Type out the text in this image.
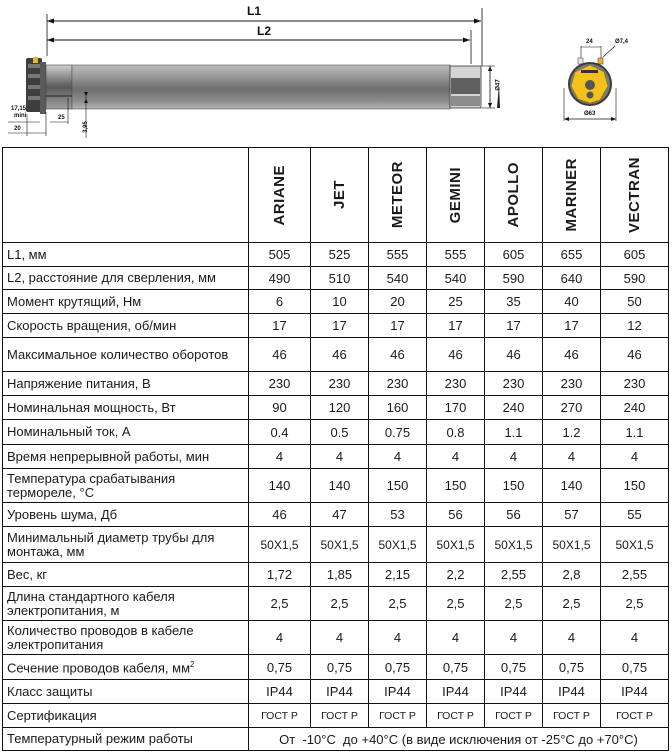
L1
L2
Ø47
17,15
mini
20
25
3,95
24	Ø7,4
Ø63

	ARIANE	JET	METEOR	GEMINI	APOLLO	MARINER	VECTRAN

L1, мм	505	525	555	555	605	655	605
L2, расстояние для сверления, мм	490	510	540	540	590	640	590
Момент крутящий, Нм	6	10	20	25	35	40	50
Скорость вращения, об/мин	17	17	17	17	17	17	12
Максимальное количество оборотов	46	46	46	46	46	46	46
Напряжение питания, В	230	230	230	230	230	230	230
Номинальная мощность, Вт	90	120	160	170	240	270	240
Номинальный ток, А	0.4	0.5	0.75	0.8	1.1	1.2	1.1
Время непрерывной работы, мин	4	4	4	4	4	4	4
Температура срабатывания термореле, °С	140	140	150	150	150	140	150
Уровень шума, Дб	46	47	53	56	56	57	55
Минимальный диаметр трубы для монтажа, мм	50X1,5	50X1,5	50X1,5	50X1,5	50X1,5	50X1,5	50X1,5
Вес, кг	1,72	1,85	2,15	2,2	2,55	2,8	2,55
Длина стандартного кабеля электропитания, м	2,5	2,5	2,5	2,5	2,5	2,5	2,5
Количество проводов в кабеле электропитания	4	4	4	4	4	4	4
Сечение проводов кабеля, $мм^2$	0,75	0,75	0,75	0,75	0,75	0,75	0,75
Класс защиты	IP44	IP44	IP44	IP44	IP44	IP44	IP44
Сертификация	ГОСТ Р	ГОСТ Р	ГОСТ Р	ГОСТ Р	ГОСТ Р	ГОСТ Р	ГОСТ Р
Температурный режим работы	От  -10°С  до +40°С (в виде исключения от -25°С до +70°С)						
